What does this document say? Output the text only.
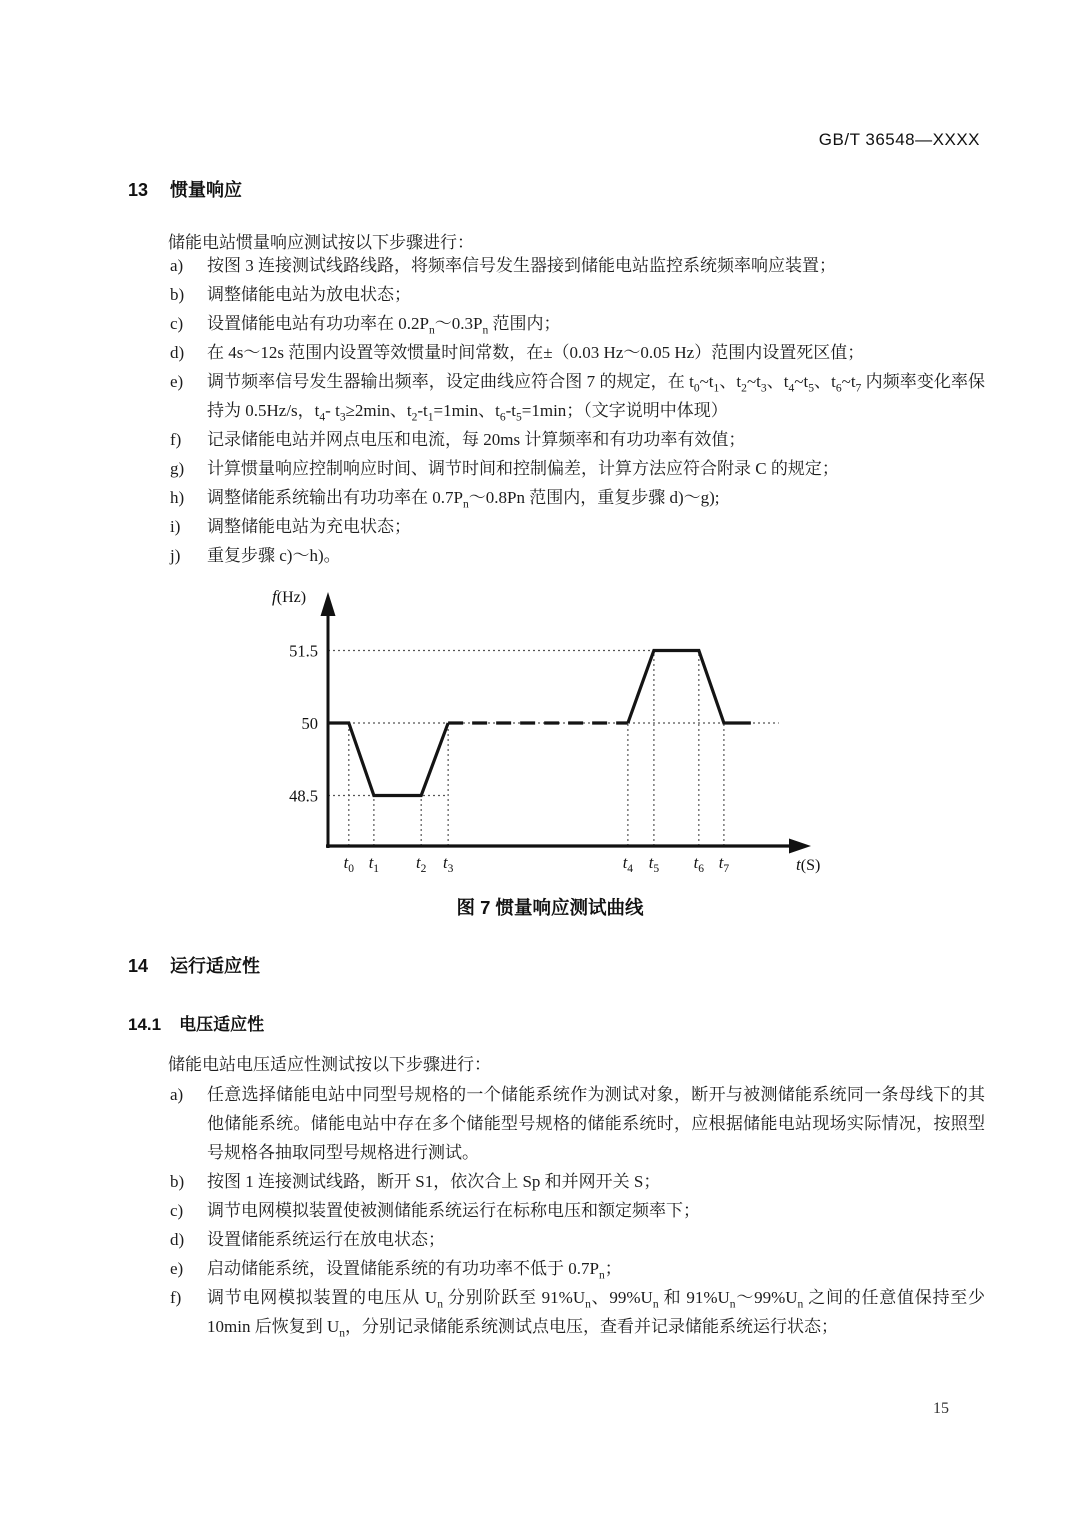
GB/T 36548—XXXX
13 惯量响应
储能电站惯量响应测试按以下步骤进行：
a)	按图 3 连接测试线路线路，将频率信号发生器接到储能电站监控系统频率响应装置；
b)	调整储能电站为放电状态；
c)	设置储能电站有功功率在 $0.2P_n\sim 0.3P_n$ 范围内；
d)	在 4s～12s 范围内设置等效惯量时间常数，在±（0.03 Hz～0.05 Hz）范围内设置死区值；
e)	调节频率信号发生器输出频率，设定曲线应符合图 7 的规定，在 $t_0\sim t_1$、$t_2\sim t_3$、$t_4\sim t_5$、$t_6\sim t_7$ 内频率变化率保持为 0.5Hz/s，$t_4-$ $t_3\ge 2\min$、$t_2-t_1=1\min$、$t_6-t_5=1\min$；（文字说明中体现）
f)	记录储能电站并网点电压和电流，每 20ms 计算频率和有功功率有效值；
g)	计算惯量响应控制响应时间、调节时间和控制偏差，计算方法应符合附录 C 的规定；
h)	调整储能系统输出有功功率在 $0.7P_n\sim 0.8Pn$ 范围内，重复步骤 d)～g);
i)	调整储能电站为充电状态；
j)	重复步骤 c)～h)。
51.5
50
48.5
$t_0$ $t_1$ $t_2$ $t_3$	$t_4$ $t_5$ $t_6$ $t_7$
f(Hz)
t(S)
图 7 惯量响应测试曲线
14 运行适应性
14.1 电压适应性
储能电站电压适应性测试按以下步骤进行：
a)	任意选择储能电站中同型号规格的一个储能系统作为测试对象，断开与被测储能系统同一条母线下的其他储能系统。储能电站中存在多个储能型号规格的储能系统时，应根据储能电站现场实际情况，按照型号规格各抽取同型号规格进行测试。
b)	按图 1 连接测试线路，断开 S1，依次合上 Sp 和并网开关 S；
c)	调节电网模拟装置使被测储能系统运行在标称电压和额定频率下；
d)	设置储能系统运行在放电状态；
e)	启动储能系统，设置储能系统的有功功率不低于 $0.7P_n$；
f)	调节电网模拟装置的电压从 $U_n$ 分别阶跃至 $91\%U_n$、$99\%U_n$ 和 $91\%U_n\sim 99\%U_n$ 之间的任意值保持至少 10min 后恢复到 $U_n$，分别记录储能系统测试点电压，查看并记录储能系统运行状态；
15
